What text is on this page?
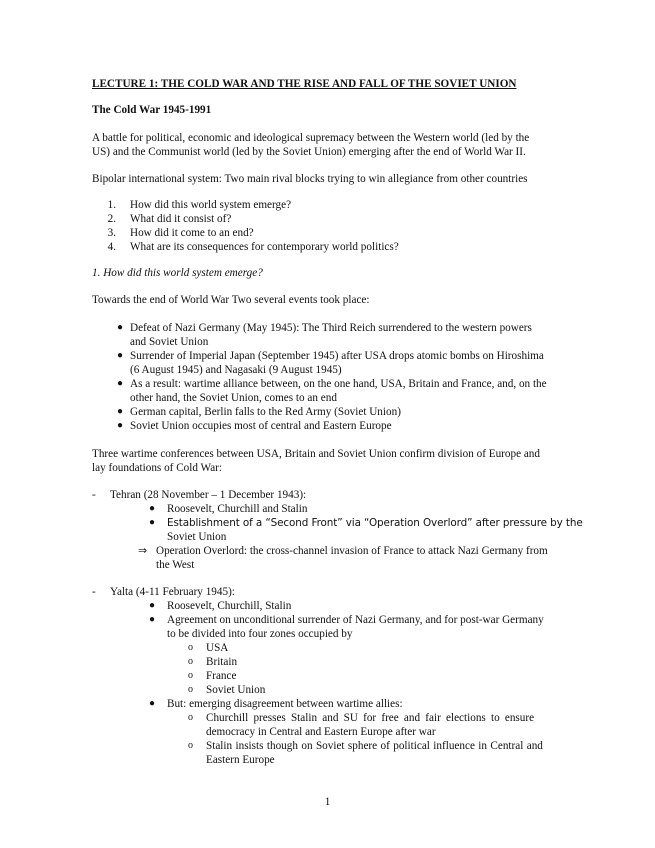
LECTURE 1: THE COLD WAR AND THE RISE AND FALL OF THE SOVIET UNION
The Cold War 1945-1991
A battle for political, economic and ideological supremacy between the Western world (led by the
US) and the Communist world (led by the Soviet Union) emerging after the end of World War II.
Bipolar international system: Two main rival blocks trying to win allegiance from other countries
1. How did this world system emerge?
2. What did it consist of?
3. How did it come to an end?
4. What are its consequences for contemporary world politics?
1. How did this world system emerge?
Towards the end of World War Two several events took place:
● Defeat of Nazi Germany (May 1945): The Third Reich surrendered to the western powers
and Soviet Union
● Surrender of Imperial Japan (September 1945) after USA drops atomic bombs on Hiroshima
(6 August 1945) and Nagasaki (9 August 1945)
● As a result: wartime alliance between, on the one hand, USA, Britain and France, and, on the
other hand, the Soviet Union, comes to an end
● German capital, Berlin falls to the Red Army (Soviet Union)
● Soviet Union occupies most of central and Eastern Europe
Three wartime conferences between USA, Britain and Soviet Union confirm division of Europe and
lay foundations of Cold War:
- Tehran (28 November – 1 December 1943):
● Roosevelt, Churchill and Stalin
● Establishment of a “Second Front” via “Operation Overlord” after pressure by the
Soviet Union
⇒ Operation Overlord: the cross-channel invasion of France to attack Nazi Germany from
the West
- Yalta (4-11 February 1945):
● Roosevelt, Churchill, Stalin
● Agreement on unconditional surrender of Nazi Germany, and for post-war Germany
to be divided into four zones occupied by
o USA
o Britain
o France
o Soviet Union
● But: emerging disagreement between wartime allies:
o Churchill presses Stalin and SU for free and fair elections to ensure
democracy in Central and Eastern Europe after war
o Stalin insists though on Soviet sphere of political influence in Central and
Eastern Europe
1
